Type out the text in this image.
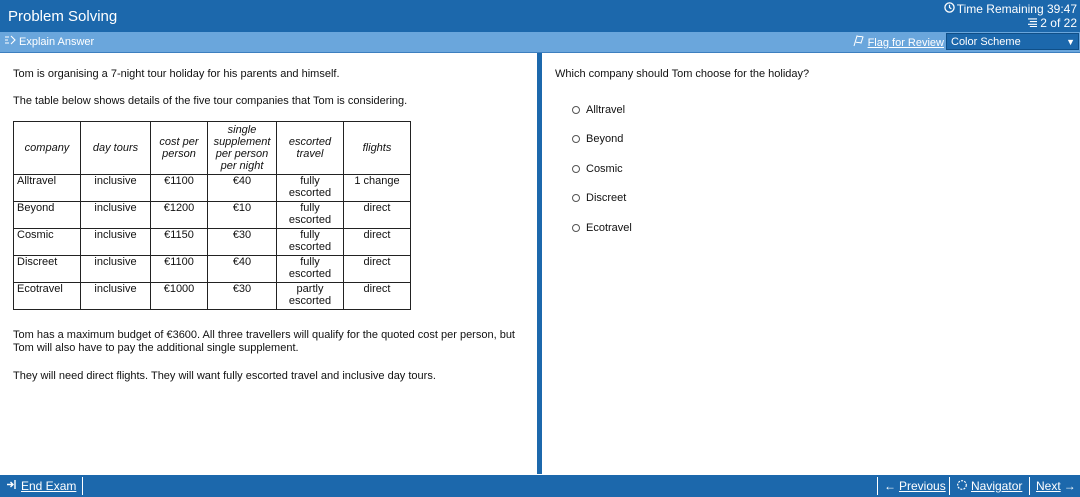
Problem Solving	Time Remaining 39:47
2 of 22
Explain Answer	Flag for Review Color Scheme	▼
Tom is organising a 7-night tour holiday for his parents and himself.
The table below shows details of the five tour companies that Tom is considering.
company	day tours	cost per person	single supplement per person per night	escorted travel	flights
Alltravel	inclusive	€1100	€40	fully escorted	1 change
Beyond	inclusive	€1200	€10	fully escorted	direct
Cosmic	inclusive	€1150	€30	fully escorted	direct
Discreet	inclusive	€1100	€40	fully escorted	direct
Ecotravel	inclusive	€1000	€30	partly escorted	direct
Tom has a maximum budget of €3600. All three travellers will qualify for the quoted cost per person, but Tom will also have to pay the additional single supplement.
They will need direct flights. They will want fully escorted travel and inclusive day tours.
Which company should Tom choose for the holiday?
Alltravel
Beyond
Cosmic
Discreet
Ecotravel
End Exam	← Previous Navigator Next →
